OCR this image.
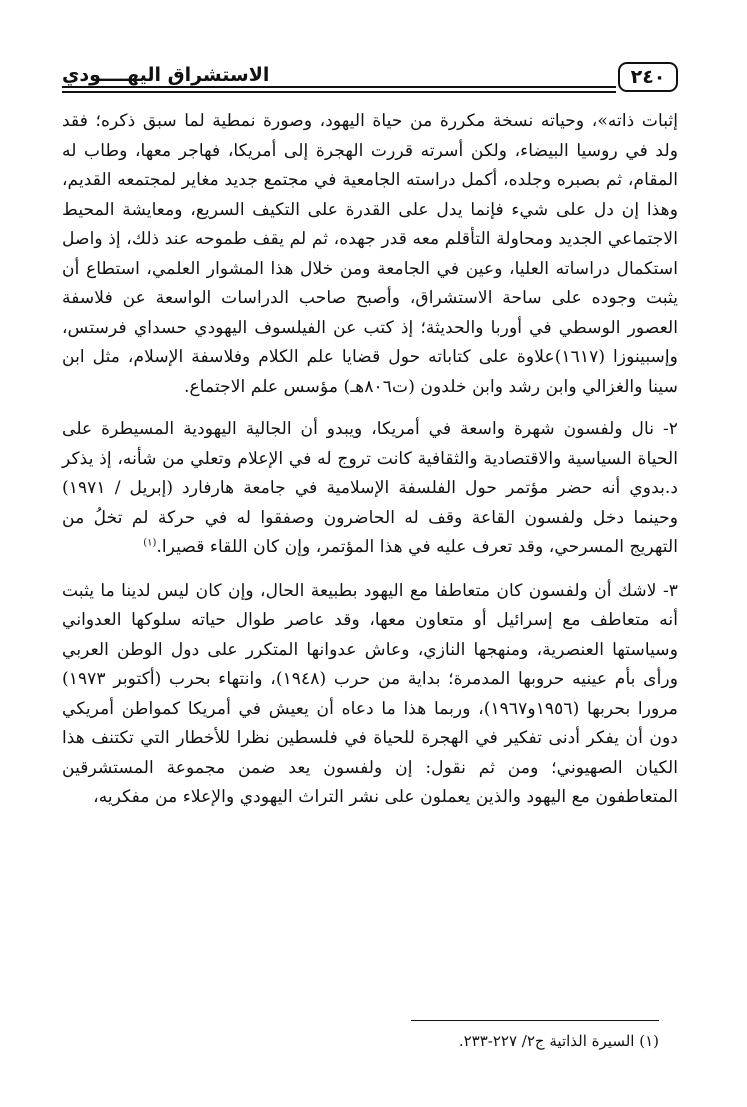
٢٤٠
الاستشراق اليهــــودي

إثبات ذاته»، وحياته نسخة مكررة من حياة اليهود، وصورة نمطية لما سبق ذكره؛ فقد ولد في روسيا البيضاء، ولكن أسرته قررت الهجرة إلى أمريكا، فهاجر معها، وطاب له المقام، ثم بصبره وجلده، أكمل دراسته الجامعية في مجتمع جديد مغاير لمجتمعه القديم، وهذا إن دل على شيء فإنما يدل على القدرة على التكيف السريع، ومعايشة المحيط الاجتماعي الجديد ومحاولة التأقلم معه قدر جهده، ثم لم يقف طموحه عند ذلك، إذ واصل استكمال دراساته العليا، وعين في الجامعة ومن خلال هذا المشوار العلمي، استطاع أن يثبت وجوده على ساحة الاستشراق، وأصبح صاحب الدراسات الواسعة عن فلاسفة العصور الوسطي في أوربا والحديثة؛ إذ كتب عن الفيلسوف اليهودي حسداي فرستس، وإسبينوزا (١٦١٧)علاوة على كتاباته حول قضايا علم الكلام وفلاسفة الإسلام، مثل ابن سينا والغزالي وابن رشد وابن خلدون (ت٨٠٦هـ) مؤسس علم الاجتماع.

٢- نال ولفسون شهرة واسعة في أمريكا، ويبدو أن الجالية اليهودية المسيطرة على الحياة السياسية والاقتصادية والثقافية كانت تروج له في الإعلام وتعلي من شأنه، إذ يذكر د.بدوي أنه حضر مؤتمر حول الفلسفة الإسلامية في جامعة هارفارد (إبريل / ١٩٧١) وحينما دخل ولفسون القاعة وقف له الحاضرون وصفقوا له في حركة لم تخلُ من التهريج المسرحي، وقد تعرف عليه في هذا المؤتمر، وإن كان اللقاء قصيرا.$^{(١)}$

٣- لاشك أن ولفسون كان متعاطفا مع اليهود بطبيعة الحال، وإن كان ليس لدينا ما يثبت أنه متعاطف مع إسرائيل أو متعاون معها، وقد عاصر طوال حياته سلوكها العدواني وسياستها العنصرية، ومنهجها النازي، وعاش عدوانها المتكرر على دول الوطن العربي ورأى بأم عينيه حروبها المدمرة؛ بداية من حرب (١٩٤٨)، وانتهاء بحرب (أكتوبر ١٩٧٣) مرورا بحربها (١٩٥٦و١٩٦٧)، وربما هذا ما دعاه أن يعيش في أمريكا كمواطن أمريكي دون أن يفكر أدنى تفكير في الهجرة للحياة في فلسطين نظرا للأخطار التي تكتنف هذا الكيان الصهيوني؛ ومن ثم نقول: إن ولفسون يعد ضمن مجموعة المستشرقين المتعاطفون مع اليهود والذين يعملون على نشر التراث اليهودي والإعلاء من مفكريه،

(١) السيرة الذاتية ج٢/ ٢٢٧-٢٣٣.
